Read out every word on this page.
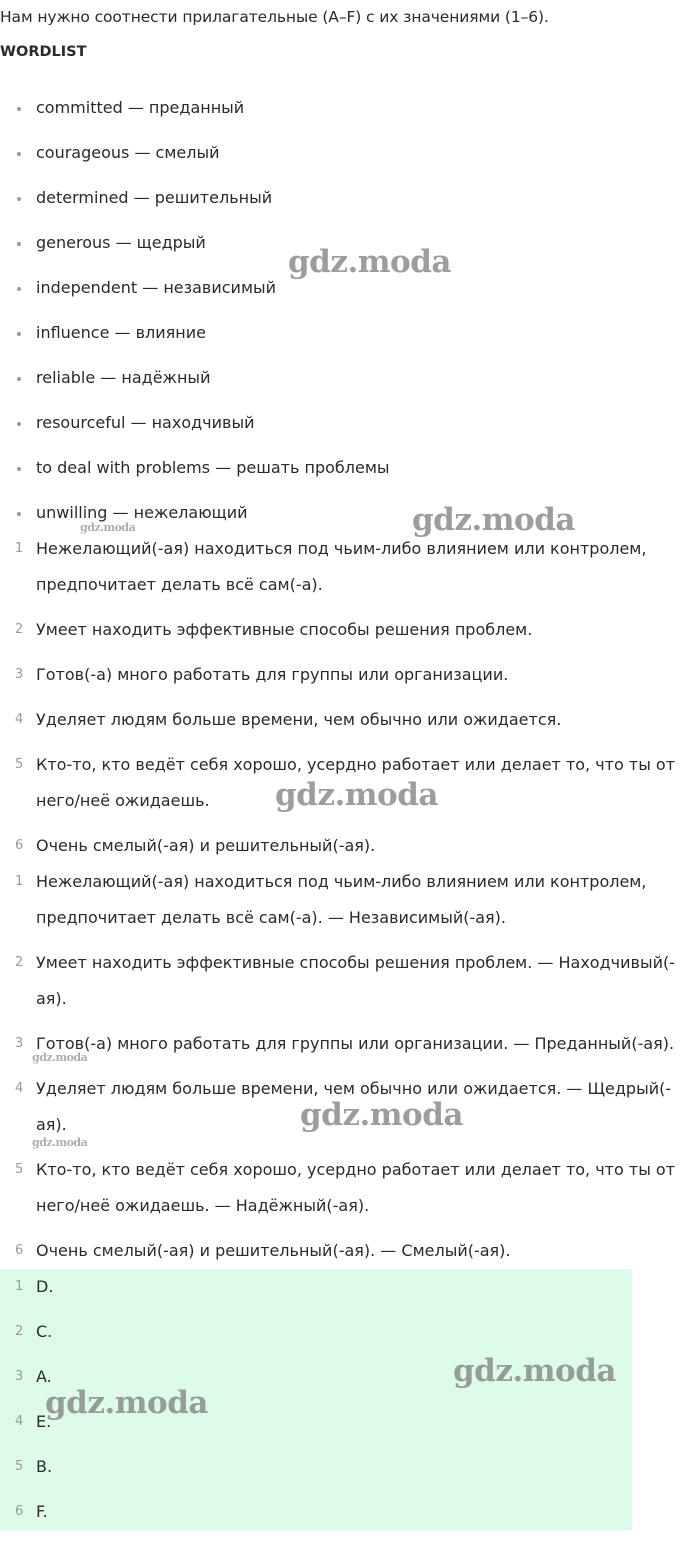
Нам нужно соотнести прилагательные (A–F) с их значениями (1–6).
WORDLIST
committed — преданный
courageous — смелый
determined — решительный
generous — щедрый
independent — независимый
influence — влияние
reliable — надёжный
resourceful — находчивый
to deal with problems — решать проблемы
unwilling — нежелающий
1 Нежелающий(-ая) находиться под чьим-либо влиянием или контролем, предпочитает делать всё сам(-а).
2 Умеет находить эффективные способы решения проблем.
3 Готов(-а) много работать для группы или организации.
4 Уделяет людям больше времени, чем обычно или ожидается.
5 Кто-то, кто ведёт себя хорошо, усердно работает или делает то, что ты от него/неё ожидаешь.
6 Очень смелый(-ая) и решительный(-ая).
1 Нежелающий(-ая) находиться под чьим-либо влиянием или контролем, предпочитает делать всё сам(-а). — Независимый(-ая).
2 Умеет находить эффективные способы решения проблем. — Находчивый(-ая).
3 Готов(-а) много работать для группы или организации. — Преданный(-ая).
4 Уделяет людям больше времени, чем обычно или ожидается. — Щедрый(-ая).
5 Кто-то, кто ведёт себя хорошо, усердно работает или делает то, что ты от него/неё ожидаешь. — Надёжный(-ая).
6 Очень смелый(-ая) и решительный(-ая). — Смелый(-ая).
1 D.
2 C.
3 A.
4 E.
5 B.
6 F.
gdz.moda
gdz.moda
gdz.moda
gdz.moda
gdz.moda
gdz.moda
gdz.moda
gdz.moda
gdz.moda
